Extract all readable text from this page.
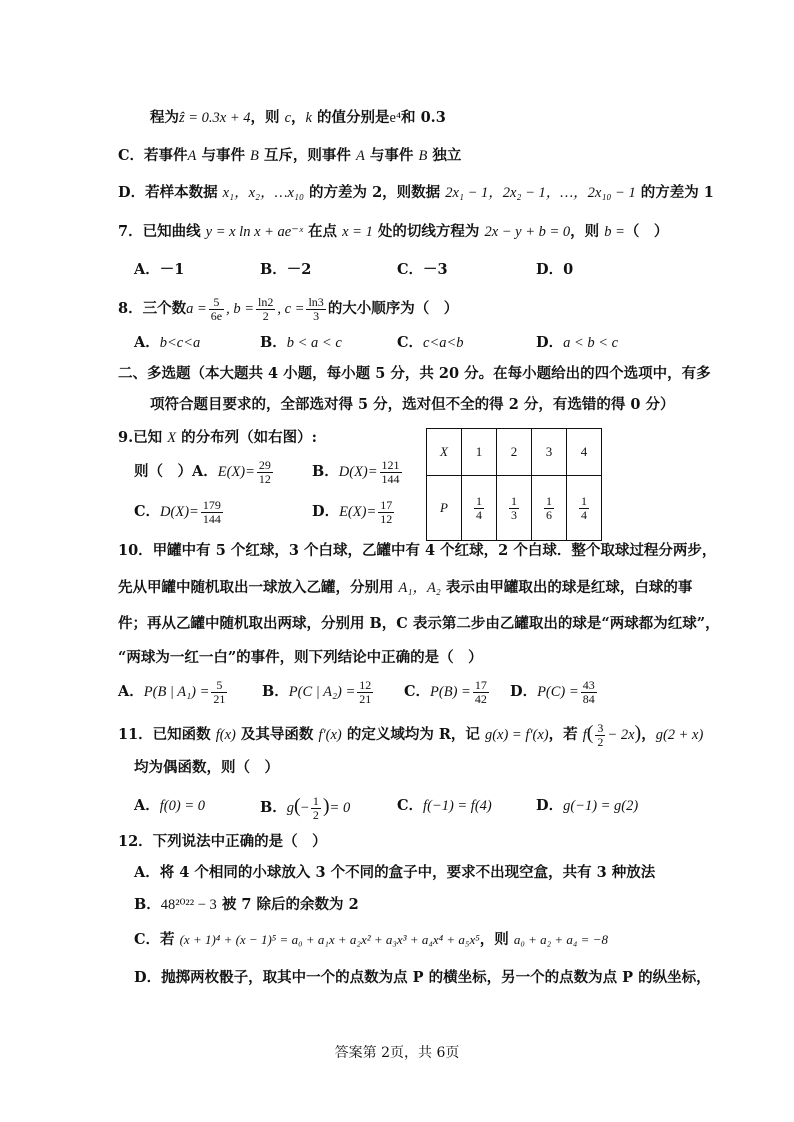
程为ẑ = 0.3x + 4，则 c，k 的值分别是e⁴和 0.3
C．若事件A 与事件 B 互斥，则事件 A 与事件 B 独立
D．若样本数据 x₁，x₂，…x₁₀ 的方差为 2，则数据 2x₁ − 1，2x₂ − 1，…，2x₁₀ − 1 的方差为 1
7．已知曲线 y = x ln x + ae⁻ˣ 在点 x = 1 处的切线方程为 2x − y + b = 0，则 b =（　）
A．－1	B．－2	C．－3	D．0
8．三个数$a = \frac{5}{6e}$ , $b = \frac{\ln 2}{2}$ , $c = \frac{\ln 3}{3}$ 的大小顺序为（　）
A．b<c<a	B．b < a < c	C．c<a<b	D．a < b < c
二、多选题（本大题共 4 小题，每小题 5 分，共 20 分。在每小题给出的四个选项中，有多
项符合题目要求的，全部选对得 5 分，选对但不全的得 2 分，有选错的得 0 分）
9.已知 X 的分布列（如右图）:
则（　）A．$E(X)= \frac{29}{12}$	B．$D(X)= \frac{121}{144}$
C．$D(X)= \frac{179}{144}$	D．$E(X)= \frac{17}{12}$
X	1	2	3	4
P	$\frac{1}{4}$	$\frac{1}{3}$	$\frac{1}{6}$	$\frac{1}{4}$
10．甲罐中有 5 个红球，3 个白球，乙罐中有 4 个红球，2 个白球．整个取球过程分两步，
先从甲罐中随机取出一球放入乙罐，分别用 A₁，A₂ 表示由甲罐取出的球是红球，白球的事
件；再从乙罐中随机取出两球，分别用 B，C 表示第二步由乙罐取出的球是“两球都为红球”，
“两球为一红一白”的事件，则下列结论中正确的是（　）
A．P(B | $A_1) = \frac{5}{21}$ B．P(C | $A_2) = \frac{12}{21}$ C．$P(B) = \frac{17}{42}$ D．$P(C) = \frac{43}{84}$
11．已知函数 f(x) 及其导函数 f′(x) 的定义域均为 R，记 g(x) = f′(x)，若 $f( \frac{3}{2} - 2x)$，g(2 + x)
均为偶函数，则（　）
A．f(0) = 0	B．$g(- \frac{1}{2}$ )= 0	C．f(−1) = f(4)	D．g(−1) = g(2)
12．下列说法中正确的是（　）
A．将 4 个相同的小球放入 3 个不同的盒子中，要求不出现空盒，共有 3 种放法
B．48²⁰²² − 3 被 7 除后的余数为 2
C．若 (x + 1)⁴ + (x − 1)⁵ = a₀ + a₁x + a₂x² + a₃x³ + a₄x⁴ + a₅x⁵，则 a₀ + a₂ + a₄ = −8
D．抛掷两枚骰子，取其中一个的点数为点 P 的横坐标，另一个的点数为点 P 的纵坐标，
答案第 2页，共 6页
